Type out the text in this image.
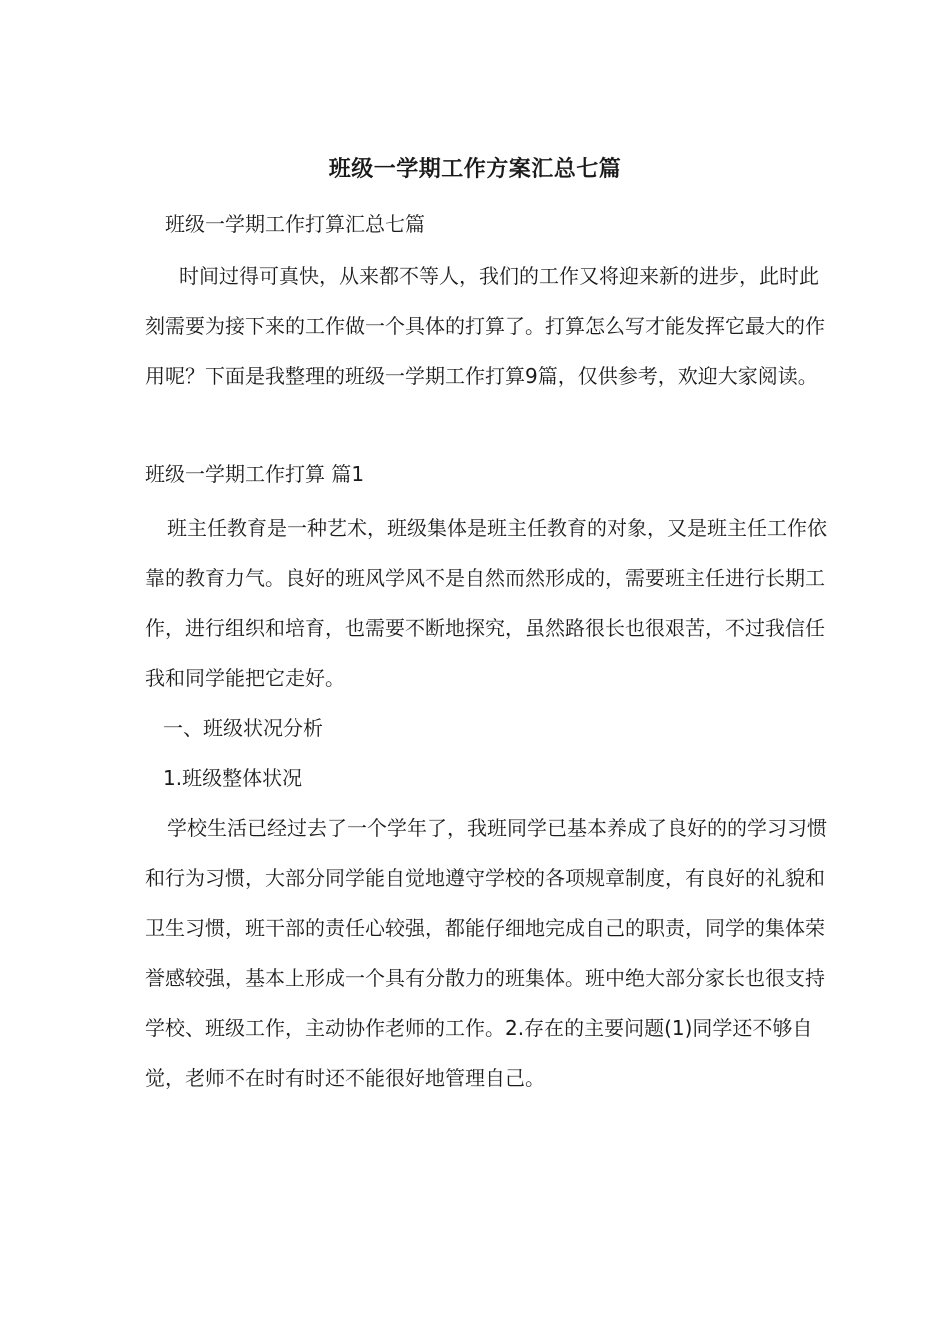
班级一学期工作方案汇总七篇
班级一学期工作打算汇总七篇
时间过得可真快，从来都不等人，我们的工作又将迎来新的进步，此时此刻需要为接下来的工作做一个具体的打算了。打算怎么写才能发挥它最大的作用呢？下面是我整理的班级一学期工作打算9篇，仅供参考，欢迎大家阅读。
班级一学期工作打算 篇1
班主任教育是一种艺术，班级集体是班主任教育的对象，又是班主任工作依靠的教育力气。良好的班风学风不是自然而然形成的，需要班主任进行长期工作，进行组织和培育，也需要不断地探究，虽然路很长也很艰苦，不过我信任我和同学能把它走好。
一、班级状况分析
1.班级整体状况
学校生活已经过去了一个学年了，我班同学已基本养成了良好的的学习习惯和行为习惯，大部分同学能自觉地遵守学校的各项规章制度，有良好的礼貌和卫生习惯，班干部的责任心较强，都能仔细地完成自己的职责，同学的集体荣誉感较强，基本上形成一个具有分散力的班集体。班中绝大部分家长也很支持学校、班级工作，主动协作老师的工作。2.存在的主要问题(1)同学还不够自觉，老师不在时有时还不能很好地管理自己。
